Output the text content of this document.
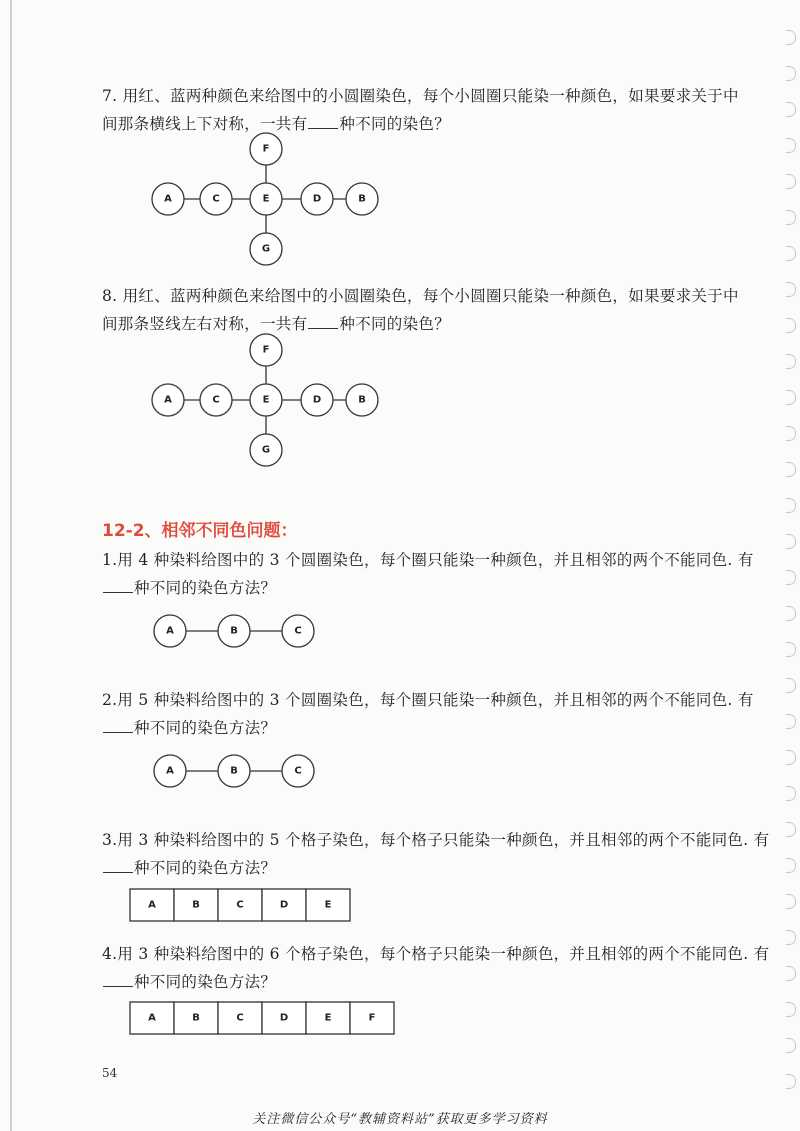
7. 用红、蓝两种颜色来给图中的小圆圈染色，每个小圆圈只能染一种颜色，如果要求关于中
间那条横线上下对称，一共有 种不同的染色？
8. 用红、蓝两种颜色来给图中的小圆圈染色，每个小圆圈只能染一种颜色，如果要求关于中
间那条竖线左右对称，一共有 种不同的染色？
12-2、相邻不同色问题：
1.用 4 种染料给图中的 3 个圆圈染色，每个圈只能染一种颜色，并且相邻的两个不能同色. 有
种不同的染色方法？
2.用 5 种染料给图中的 3 个圆圈染色，每个圈只能染一种颜色，并且相邻的两个不能同色. 有
种不同的染色方法？
3.用 3 种染料给图中的 5 个格子染色，每个格子只能染一种颜色，并且相邻的两个不能同色. 有
种不同的染色方法？
4.用 3 种染料给图中的 6 个格子染色，每个格子只能染一种颜色，并且相邻的两个不能同色. 有
种不同的染色方法？
A	C	E	D	B
F
G
A	C	E	D	B
F
G
A	B	C
A	B	C
A	B	C	D	E
A	B	C	D	E	F
54
关注微信公众号“教辅资料站”获取更多学习资料
